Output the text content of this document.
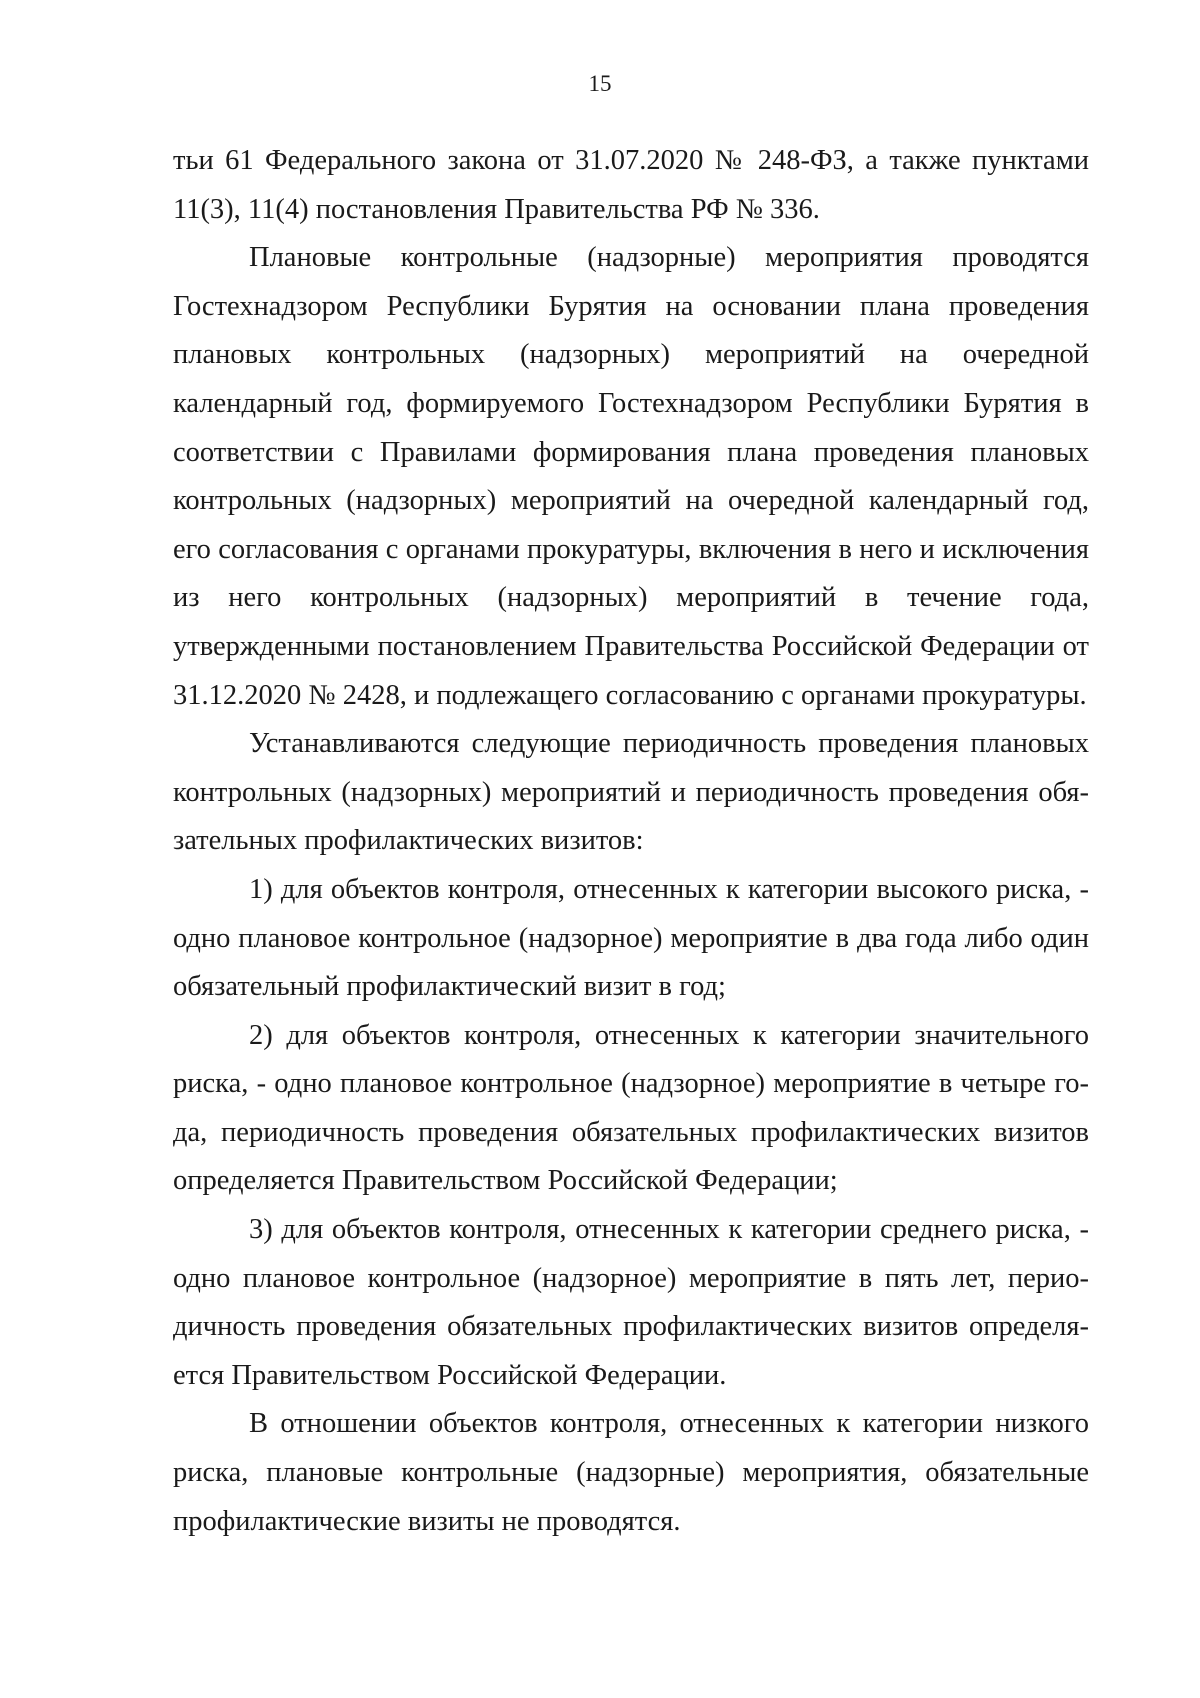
15

тьи 61 Федерального закона от 31.07.2020 № 248-ФЗ, а также пунктами 11(3), 11(4) постановления Правительства РФ № 336.

Плановые контрольные (надзорные) мероприятия проводятся Гостехнадзором Республики Бурятия на основании плана проведения плановых контрольных (надзорных) мероприятий на очередной календарный год, формируемого Гостехнадзором Республики Бурятия в соответствии с Правилами формирования плана проведения плановых контрольных (надзорных) мероприятий на очередной календарный год, его согласования с органами прокуратуры, включения в него и исключения из него контрольных (надзорных) мероприятий в течение года, утвержденными постановлением Правительства Российской Федерации от 31.12.2020 № 2428, и подлежащего согласованию с органами прокуратуры.

Устанавливаются следующие периодичность проведения плановых контрольных (надзорных) мероприятий и периодичность проведения обязательных профилактических визитов:

1) для объектов контроля, отнесенных к категории высокого риска, - одно плановое контрольное (надзорное) мероприятие в два года либо один обязательный профилактический визит в год;

2) для объектов контроля, отнесенных к категории значительного риска, - одно плановое контрольное (надзорное) мероприятие в четыре года, периодичность проведения обязательных профилактических визитов определяется Правительством Российской Федерации;

3) для объектов контроля, отнесенных к категории среднего риска, - одно плановое контрольное (надзорное) мероприятие в пять лет, периодичность проведения обязательных профилактических визитов определяется Правительством Российской Федерации.

В отношении объектов контроля, отнесенных к категории низкого риска, плановые контрольные (надзорные) мероприятия, обязательные профилактические визиты не проводятся.
